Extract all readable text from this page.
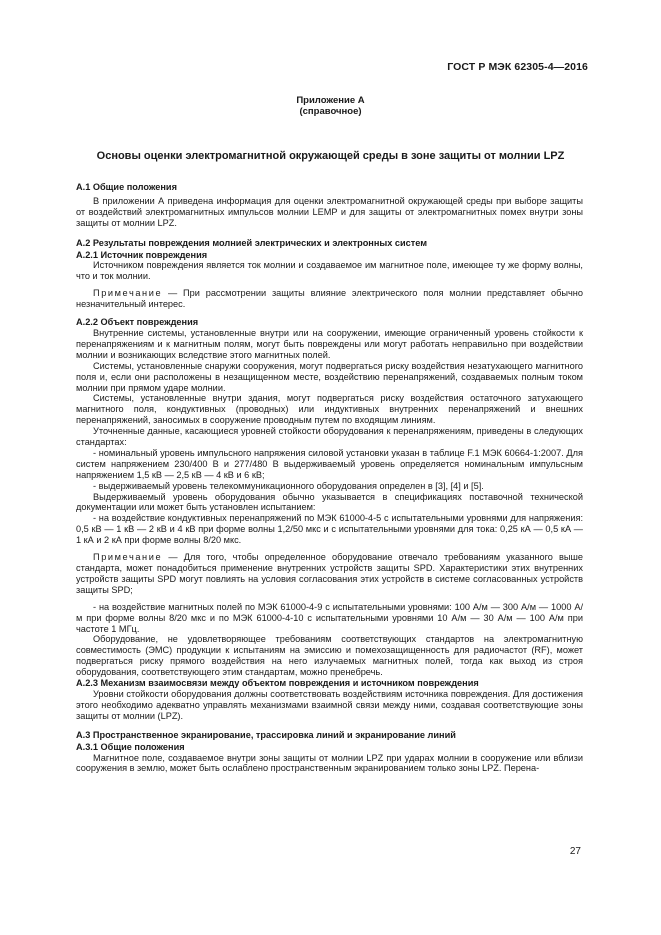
ГОСТ Р МЭК 62305-4—2016
Приложение А
(справочное)
Основы оценки электромагнитной окружающей среды в зоне защиты от молнии LPZ

А.1 Общие положения

В приложении А приведена информация для оценки электромагнитной окружающей среды при выборе защиты от воздействий электромагнитных импульсов молнии LEMP и для защиты от электромагнитных помех внутри зоны защиты от молнии LPZ.

А.2 Результаты повреждения молнией электрических и электронных систем

А.2.1 Источник повреждения

Источником повреждения является ток молнии и создаваемое им магнитное поле, имеющее ту же форму волны, что и ток молнии.

Примечание — При рассмотрении защиты влияние электрического поля молнии представляет обычно незначительный интерес.

А.2.2 Объект повреждения

Внутренние системы, установленные внутри или на сооружении, имеющие ограниченный уровень стойкости к перенапряжениям и к магнитным полям, могут быть повреждены или могут работать неправильно при воздействии молнии и возникающих вследствие этого магнитных полей.

Системы, установленные снаружи сооружения, могут подвергаться риску воздействия незатухающего магнитного поля и, если они расположены в незащищенном месте, воздействию перенапряжений, создаваемых полным током молнии при прямом ударе молнии.

Системы, установленные внутри здания, могут подвергаться риску воздействия остаточного затухающего магнитного поля, кондуктивных (проводных) или индуктивных внутренних перенапряжений и внешних перенапряжений, заносимых в сооружение проводным путем по входящим линиям.

Уточненные данные, касающиеся уровней стойкости оборудования к перенапряжениям, приведены в следующих стандартах:

- номинальный уровень импульсного напряжения силовой установки указан в таблице F.1 МЭК 60664-1:2007. Для систем напряжением 230/400 В и 277/480 В выдерживаемый уровень определяется номинальным импульсным напряжением 1,5 кВ — 2,5 кВ — 4 кВ и 6 кВ;

- выдерживаемый уровень телекоммуникационного оборудования определен в [3], [4] и [5].

Выдерживаемый уровень оборудования обычно указывается в спецификациях поставочной технической документации или может быть установлен испытанием:

- на воздействие кондуктивных перенапряжений по МЭК 61000-4-5 с испытательными уровнями для напряжения: 0,5 кВ — 1 кВ — 2 кВ и 4 кВ при форме волны 1,2/50 мкс и с испытательными уровнями для тока: 0,25 кА — 0,5 кА — 1 кА и 2 кА при форме волны 8/20 мкс.

Примечание — Для того, чтобы определенное оборудование отвечало требованиям указанного выше стандарта, может понадобиться применение внутренних устройств защиты SPD. Характеристики этих внутренних устройств защиты SPD могут повлиять на условия согласования этих устройств в системе согласованных устройств защиты SPD;

- на воздействие магнитных полей по МЭК 61000-4-9 с испытательными уровнями: 100 А/м — 300 А/м — 1000 А/м при форме волны 8/20 мкс и по МЭК 61000-4-10 с испытательными уровнями 10 А/м — 30 А/м — 100 А/м при частоте 1 МГц.

Оборудование, не удовлетворяющее требованиям соответствующих стандартов на электромагнитную совместимость (ЭМС) продукции к испытаниям на эмиссию и помехозащищенность для радиочастот (RF), может подвергаться риску прямого воздействия на него излучаемых магнитных полей, тогда как выход из строя оборудования, соответствующего этим стандартам, можно пренебречь.

А.2.3 Механизм взаимосвязи между объектом повреждения и источником повреждения

Уровни стойкости оборудования должны соответствовать воздействиям источника повреждения. Для достижения этого необходимо адекватно управлять механизмами взаимной связи между ними, создавая соответствующие зоны защиты от молнии (LPZ).

А.3 Пространственное экранирование, трассировка линий и экранирование линий

А.3.1 Общие положения

Магнитное поле, создаваемое внутри зоны защиты от молнии LPZ при ударах молнии в сооружение или вблизи сооружения в землю, может быть ослаблено пространственным экранированием только зоны LPZ. Перена-

27
